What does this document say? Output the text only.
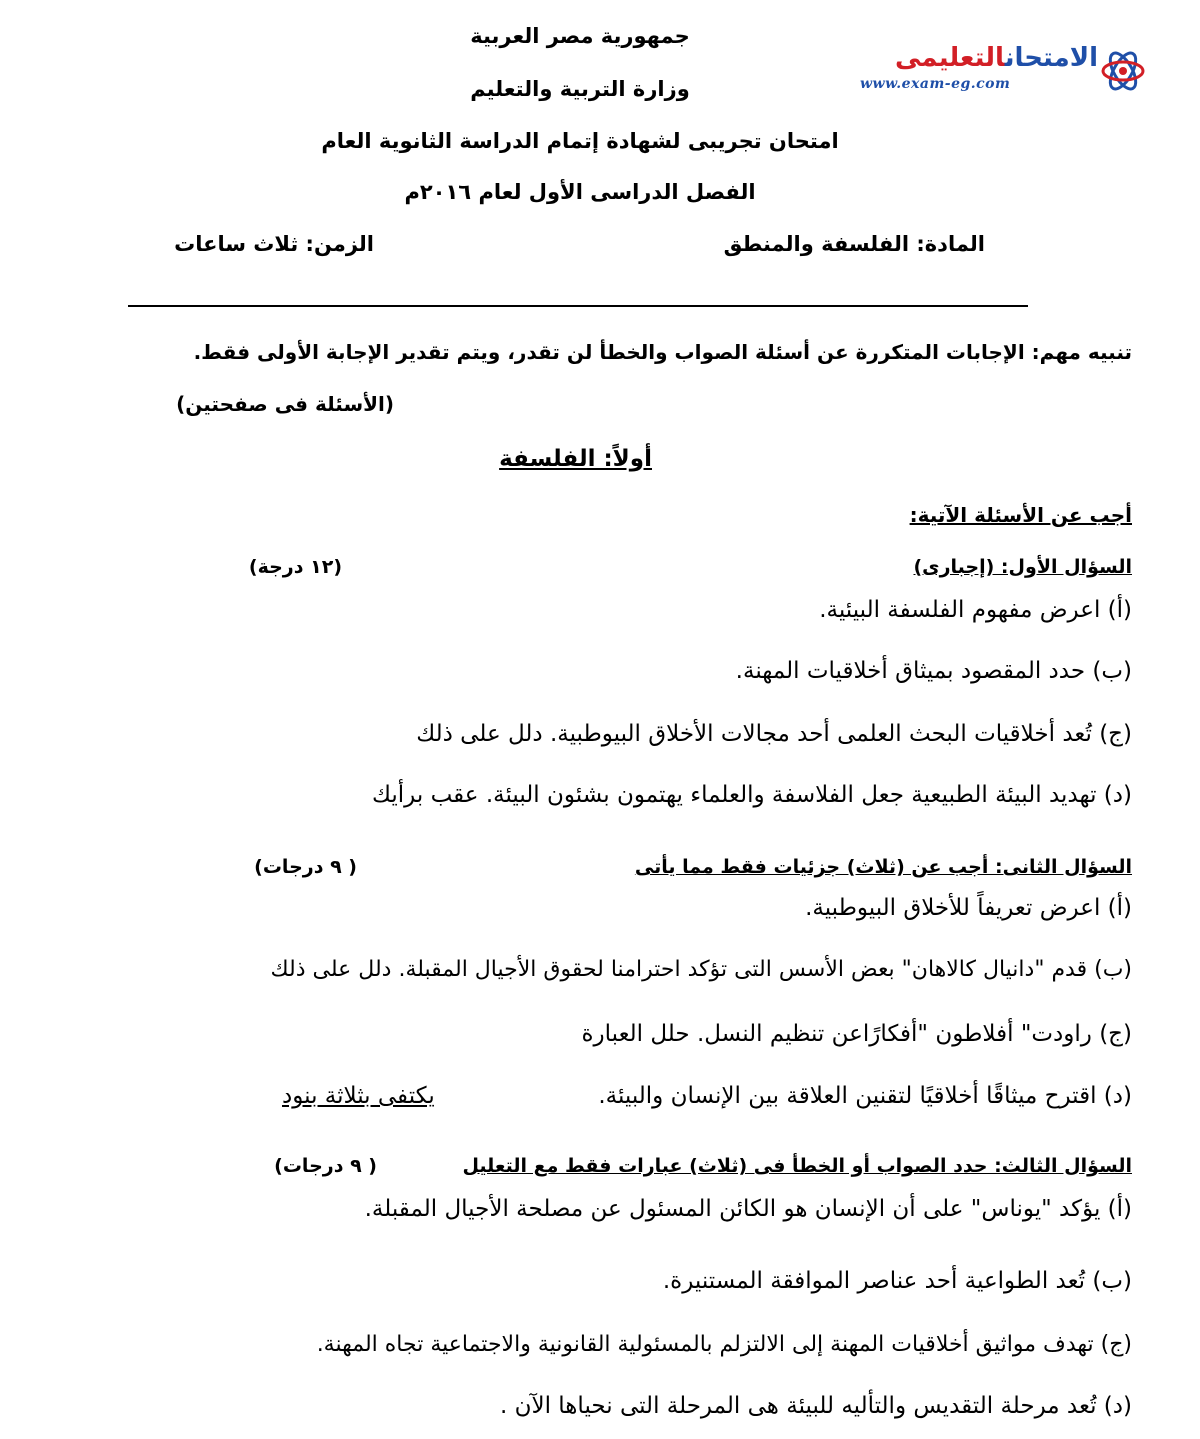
الامتحانالتعليمى
www.exam-eg.com
جمهورية مصر العربية
وزارة التربية والتعليم
امتحان تجريبى لشهادة إتمام الدراسة الثانوية العام
الفصل الدراسى الأول لعام ٢٠١٦م
المادة: الفلسفة والمنطق
الزمن: ثلاث ساعات
تنبيه مهم: الإجابات المتكررة عن أسئلة الصواب والخطأ لن تقدر، ويتم تقدير الإجابة الأولى فقط.
(الأسئلة فى صفحتين)
أولاً: الفلسفة
أجب عن الأسئلة الآتية:
السؤال الأول: (إجبارى)
(١٢ درجة)
(أ) اعرض مفهوم الفلسفة البيئية.
(ب) حدد المقصود بميثاق أخلاقيات المهنة.
(ج) تُعد أخلاقيات البحث العلمى أحد مجالات الأخلاق البيوطبية. دلل على ذلك
(د) تهديد البيئة الطبيعية جعل الفلاسفة والعلماء يهتمون بشئون البيئة. عقب برأيك
السؤال الثانى: أجب عن (ثلاث) جزئيات فقط مما يأتى
( ٩ درجات)
(أ) اعرض تعريفاً للأخلاق البيوطبية.
(ب) قدم "دانيال كالاهان" بعض الأسس التى تؤكد احترامنا لحقوق الأجيال المقبلة. دلل على ذلك
(ج) راودت" أفلاطون "أفكارًاعن تنظيم النسل. حلل العبارة
(د) اقترح ميثاقًا أخلاقيًا لتقنين العلاقة بين الإنسان والبيئة.
يكتفى بثلاثة بنود
السؤال الثالث: حدد الصواب أو الخطأ فى (ثلاث) عبارات فقط مع التعليل
( ٩ درجات)
(أ) يؤكد "يوناس" على أن الإنسان هو الكائن المسئول عن مصلحة الأجيال المقبلة.
(ب) تُعد الطواعية أحد عناصر الموافقة المستنيرة.
(ج) تهدف مواثيق أخلاقيات المهنة إلى الالتزلم بالمسئولية القانونية والاجتماعية تجاه المهنة.
(د) تُعد مرحلة التقديس والتأليه للبيئة هى المرحلة التى نحياها الآن .
